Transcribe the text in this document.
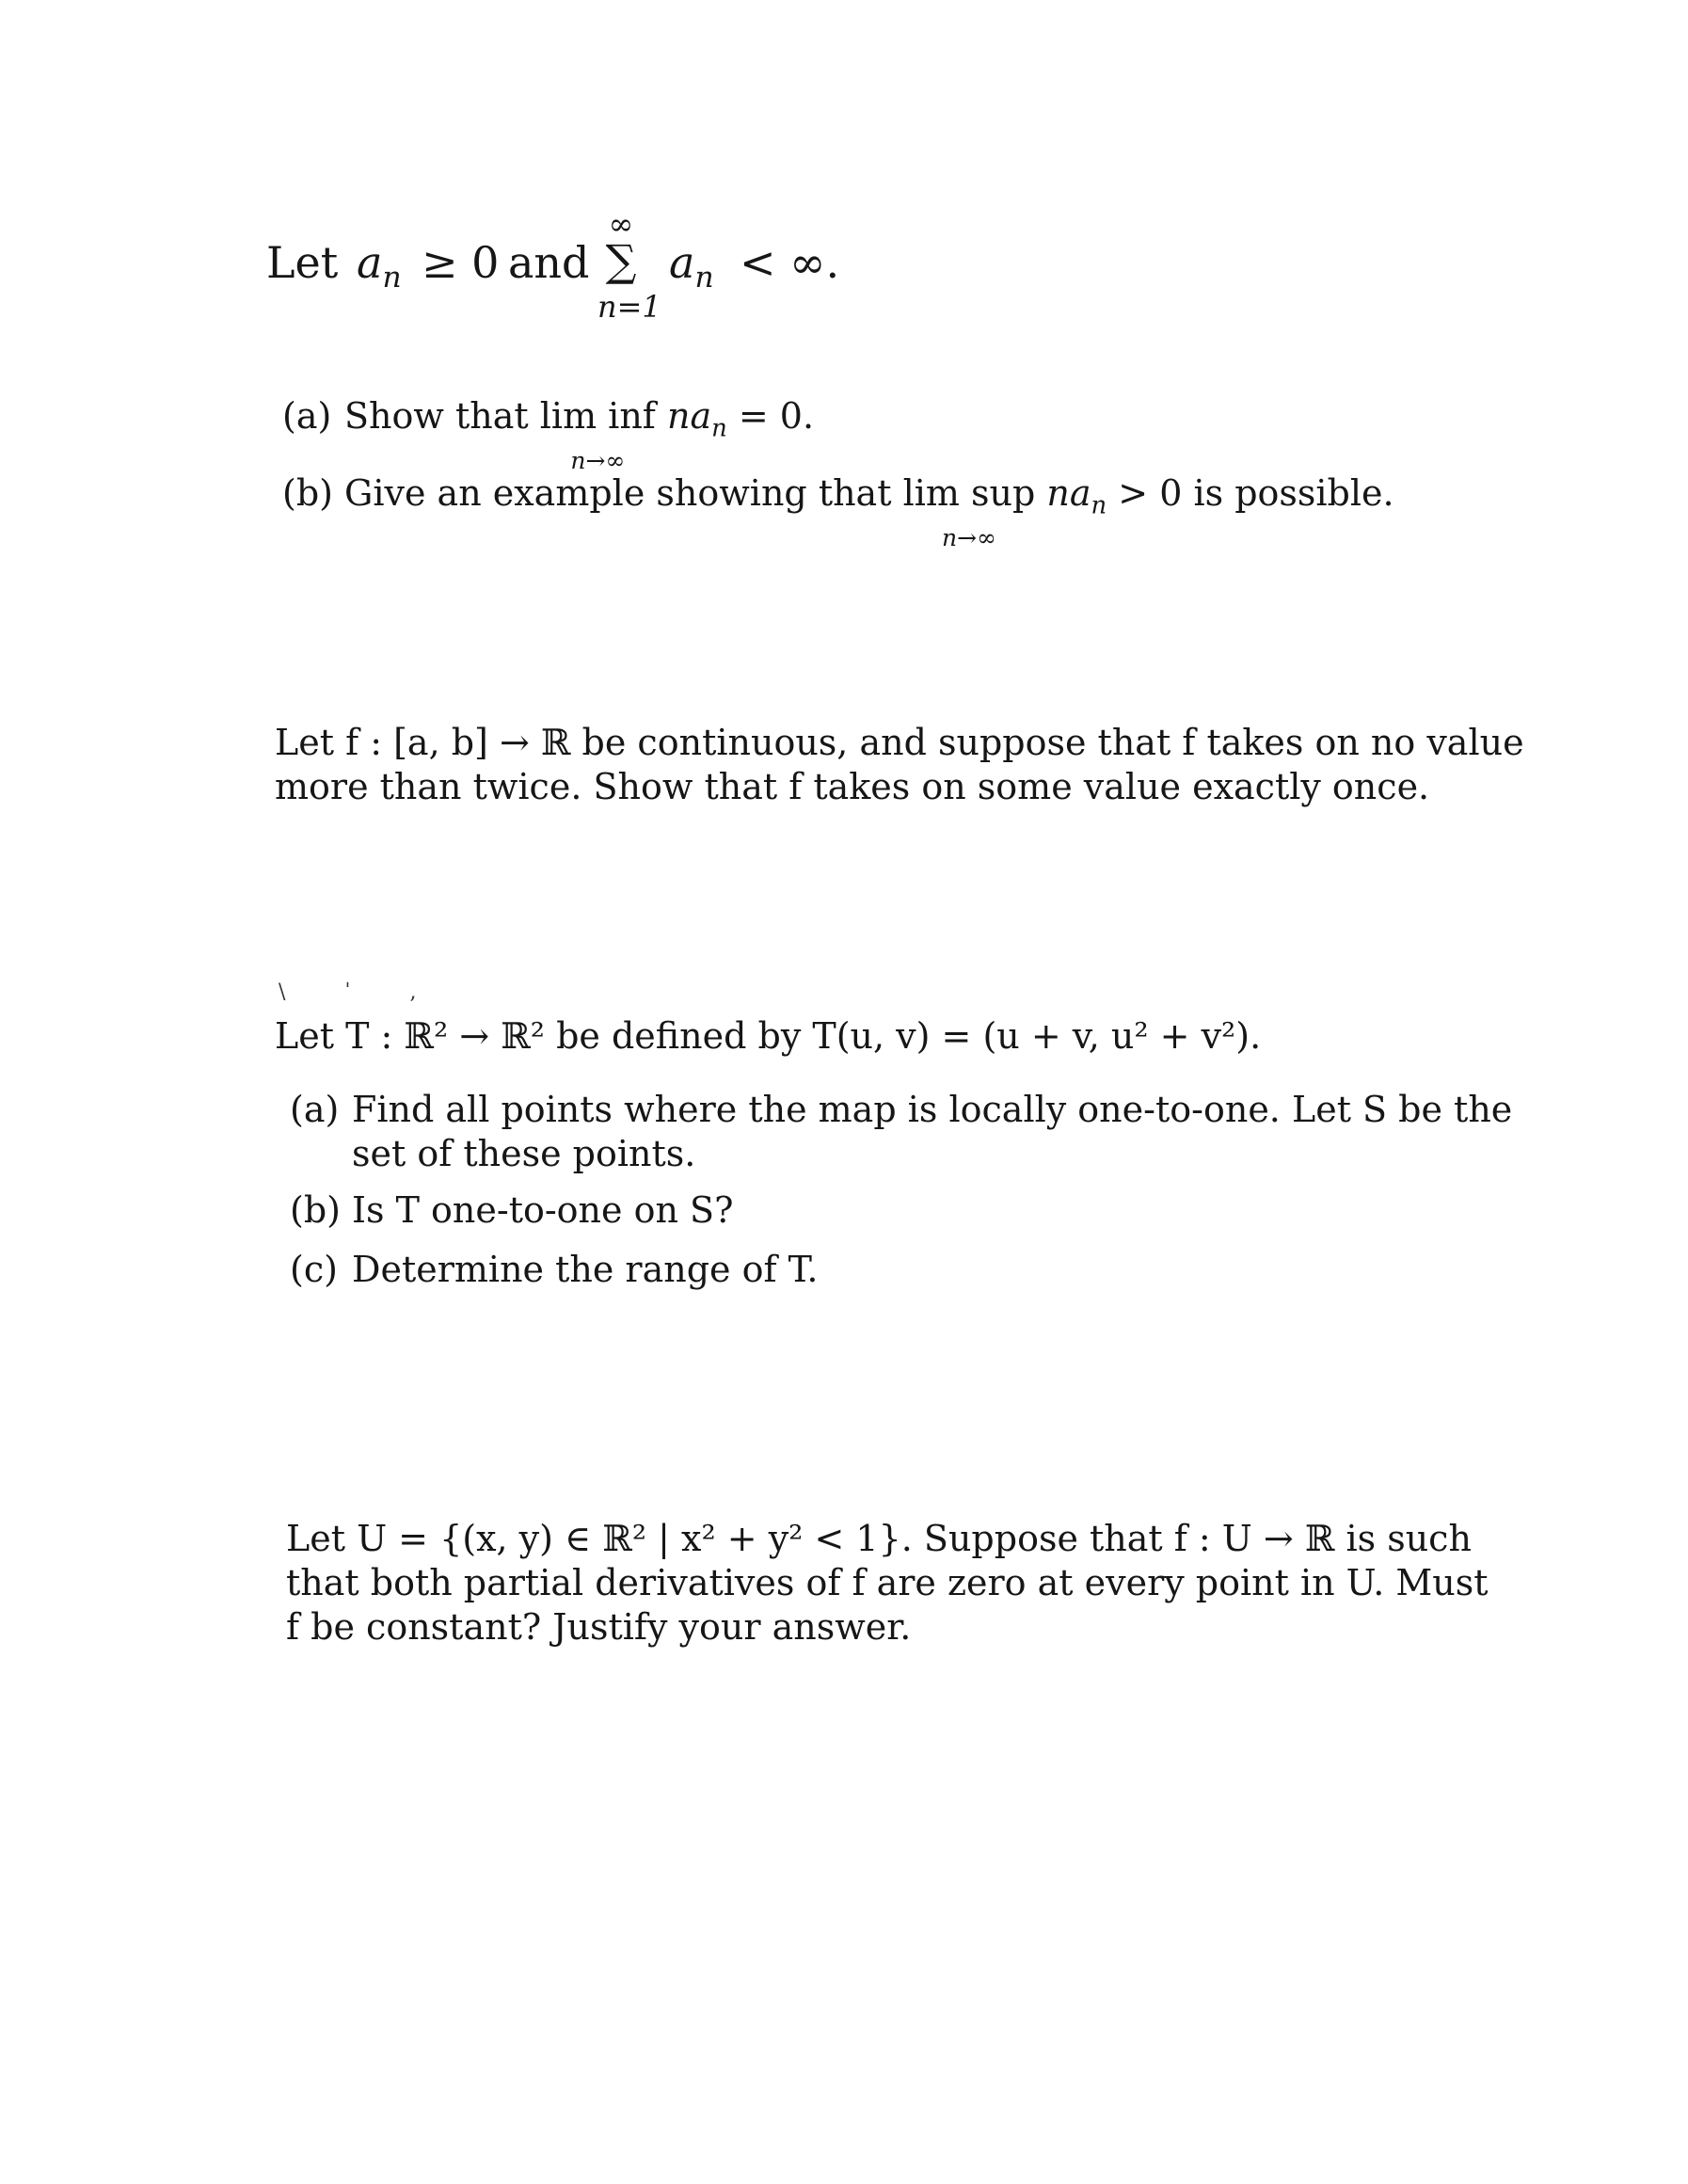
Let $a_n \ge 0$ and
∞
∑
n=1
$a_n$ < ∞.
(a) Show that lim inf
n→∞
$na_n = 0$.
(b) Give an example showing that lim sup
n→∞
$na_n > 0$ is possible.
Let f : [a, b] → ℝ be continuous, and suppose that f takes on no value
more than twice. Show that f takes on some value exactly once.
\ ˈ ,
Let T : ℝ² → ℝ² be defined by T(u, v) = (u + v, u² + v²).
(a) Find all points where the map is locally one-to-one. Let S be the
set of these points.
(b) Is T one-to-one on S?
(c) Determine the range of T.
Let U = {(x, y) ∈ ℝ² | x² + y² < 1}. Suppose that f : U → ℝ is such
that both partial derivatives of f are zero at every point in U. Must
f be constant? Justify your answer.
